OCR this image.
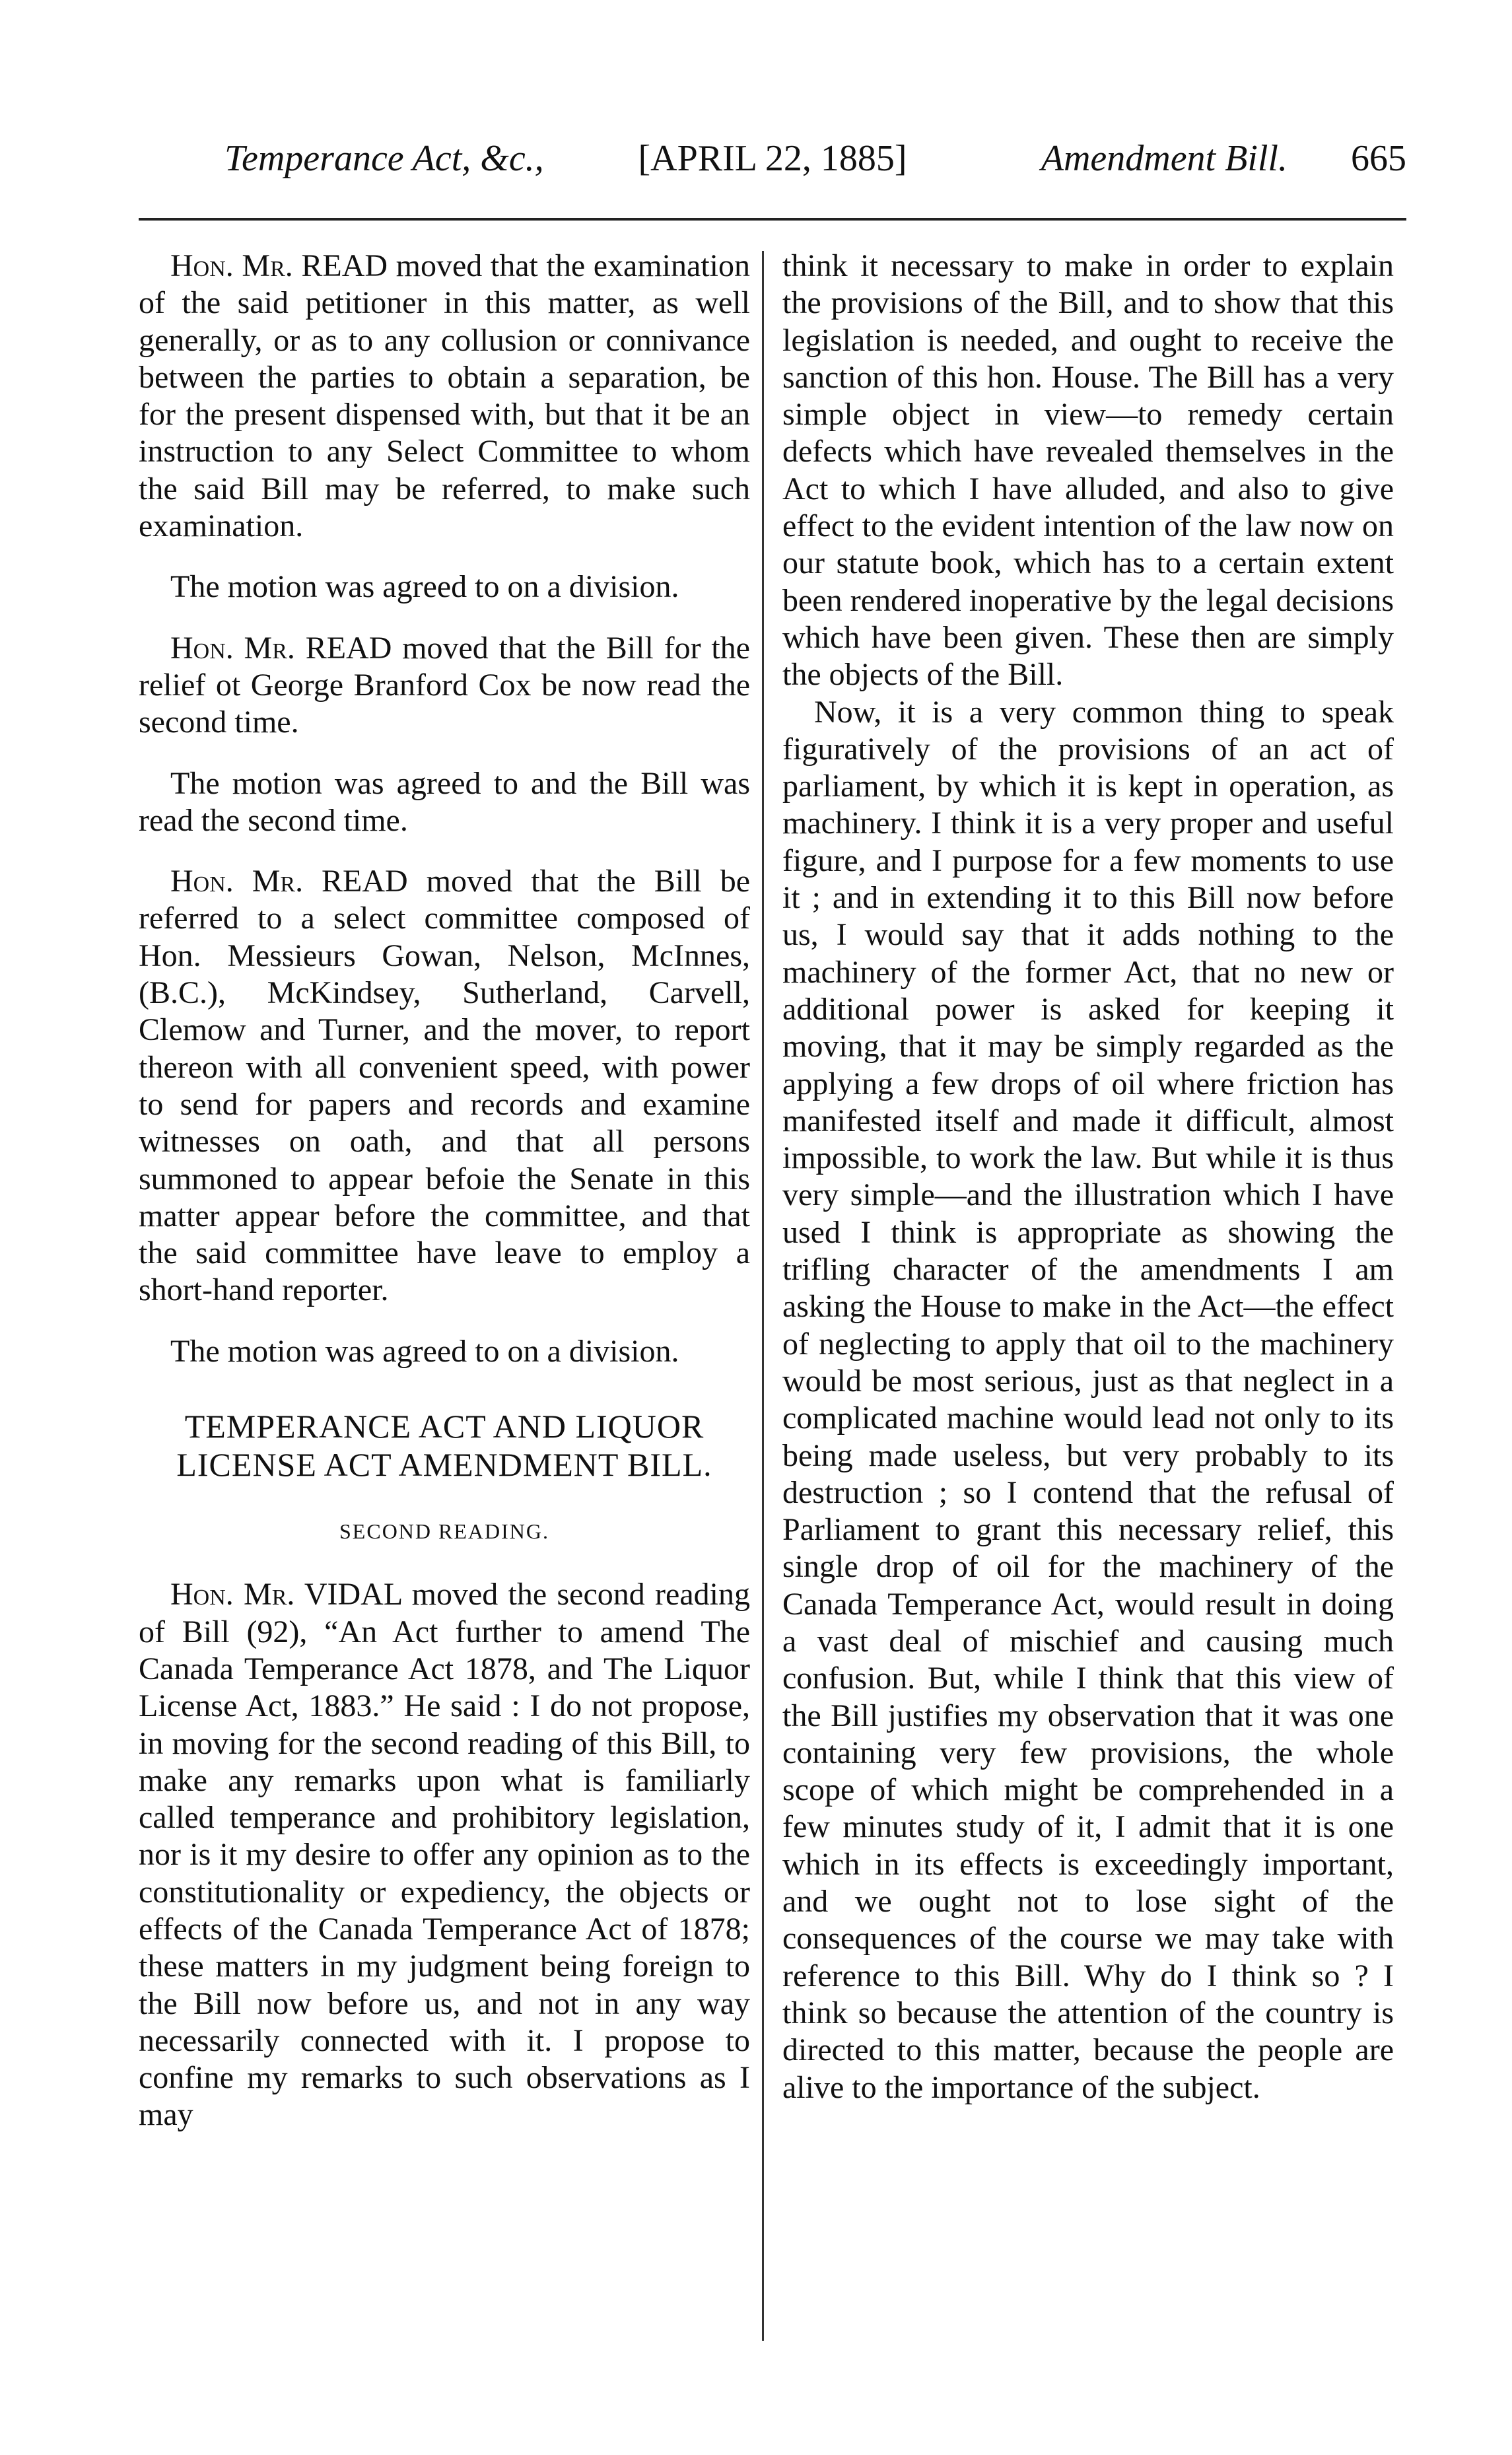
Temperance Act, &c.,	[APRIL 22, 1885]	Amendment Bill. 665

Hon. Mr. READ moved that the examination of the said petitioner in this matter, as well generally, or as to any collusion or connivance between the parties to obtain a separation, be for the present dispensed with, but that it be an instruction to any Select Committee to whom the said Bill may be referred, to make such examination.

The motion was agreed to on a division.

Hon. Mr. READ moved that the Bill for the relief ot George Branford Cox be now read the second time.

The motion was agreed to and the Bill was read the second time.

Hon. Mr. READ moved that the Bill be referred to a select committee composed of Hon. Messieurs Gowan, Nelson, McInnes, (B.C.), McKindsey, Sutherland, Carvell, Clemow and Turner, and the mover, to report thereon with all convenient speed, with power to send for papers and records and examine witnesses on oath, and that all persons summoned to appear befoie the Senate in this matter appear before the committee, and that the said committee have leave to employ a short-hand reporter.

The motion was agreed to on a division.

TEMPERANCE ACT AND LIQUOR LICENSE ACT AMENDMENT BILL.
SECOND READING.

Hon. Mr. VIDAL moved the second reading of Bill (92), “An Act further to amend The Canada Temperance Act 1878, and The Liquor License Act, 1883.” He said : I do not propose, in moving for the second reading of this Bill, to make any remarks upon what is familiarly called temperance and prohibitory legislation, nor is it my desire to offer any opinion as to the constitutionality or expediency, the objects or effects of the Canada Temperance Act of 1878; these matters in my judgment being foreign to the Bill now before us, and not in any way necessarily connected with it. I propose to confine my remarks to such observations as I may

think it necessary to make in order to explain the provisions of the Bill, and to show that this legislation is needed, and ought to receive the sanction of this hon. House. The Bill has a very simple object in view—to remedy certain defects which have revealed themselves in the Act to which I have alluded, and also to give effect to the evident intention of the law now on our statute book, which has to a certain extent been rendered inoperative by the legal decisions which have been given. These then are simply the objects of the Bill.

Now, it is a very common thing to speak figuratively of the provisions of an act of parliament, by which it is kept in operation, as machinery. I think it is a very proper and useful figure, and I purpose for a few moments to use it ; and in extending it to this Bill now before us, I would say that it adds nothing to the machinery of the former Act, that no new or additional power is asked for keeping it moving, that it may be simply regarded as the applying a few drops of oil where friction has manifested itself and made it difficult, almost impossible, to work the law. But while it is thus very simple—and the illustration which I have used I think is appropriate as showing the trifling character of the amendments I am asking the House to make in the Act—the effect of neglecting to apply that oil to the machinery would be most serious, just as that neglect in a complicated machine would lead not only to its being made useless, but very probably to its destruction ; so I contend that the refusal of Parliament to grant this necessary relief, this single drop of oil for the machinery of the Canada Temperance Act, would result in doing a vast deal of mischief and causing much confusion. But, while I think that this view of the Bill justifies my observation that it was one containing very few provisions, the whole scope of which might be comprehended in a few minutes study of it, I admit that it is one which in its effects is exceedingly important, and we ought not to lose sight of the consequences of the course we may take with reference to this Bill. Why do I think so ? I think so because the attention of the country is directed to this matter, because the people are alive to the importance of the subject.
